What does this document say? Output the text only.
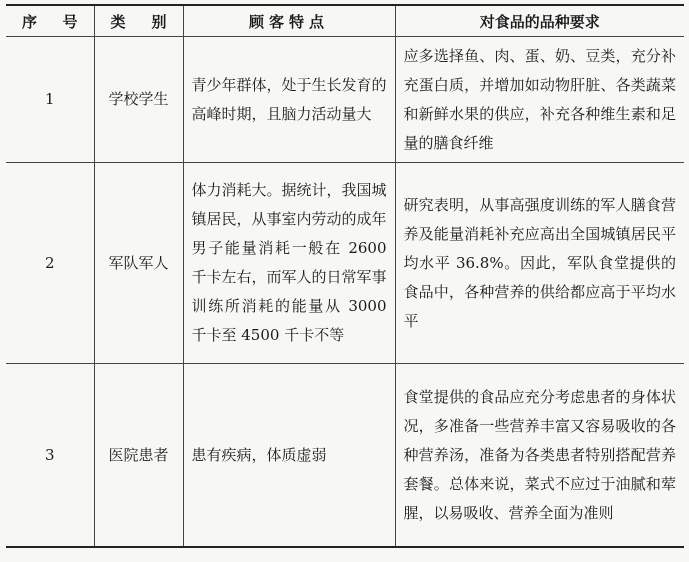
序 号	类 别	顾客特点	对食品的品种要求
1	学校学生	青少年群体，处于生长发育的高峰时期，且脑力活动量大	应多选择鱼、肉、蛋、奶、豆类，充分补充蛋白质，并增加如动物肝脏、各类蔬菜和新鲜水果的供应，补充各种维生素和足量的膳食纤维
2	军队军人	体力消耗大。据统计，我国城镇居民，从事室内劳动的成年男子能量消耗一般在 2600 千卡左右，而军人的日常军事训练所消耗的能量从 3000 千卡至 4500 千卡不等	研究表明，从事高强度训练的军人膳食营养及能量消耗补充应高出全国城镇居民平均水平 36.8%。因此，军队食堂提供的食品中，各种营养的供给都应高于平均水平
3	医院患者	患有疾病，体质虚弱	食堂提供的食品应充分考虑患者的身体状况，多准备一些营养丰富又容易吸收的各种营养汤，准备为各类患者特别搭配营养套餐。总体来说，菜式不应过于油腻和荤腥，以易吸收、营养全面为准则
